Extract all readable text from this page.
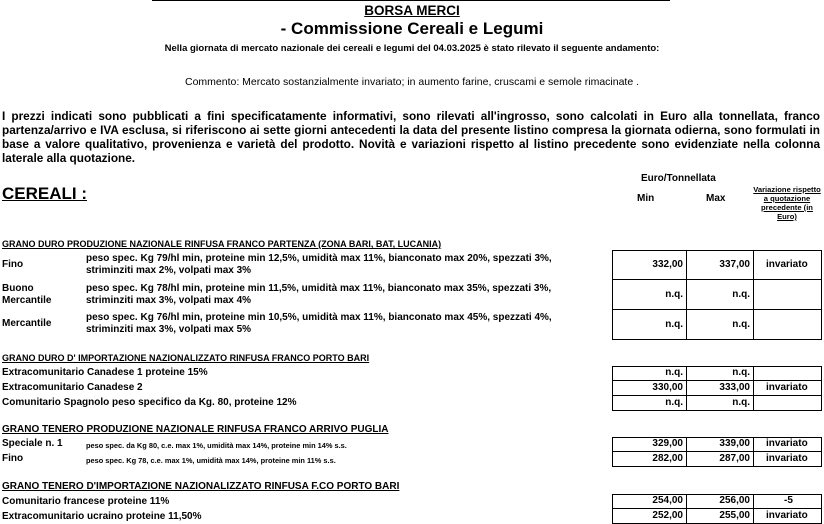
BORSA MERCI
- Commissione Cereali e Legumi
Nella giornata di mercato nazionale dei cereali e legumi del 04.03.2025 è stato rilevato il seguente andamento:
Commento: Mercato sostanzialmente invariato; in aumento farine, cruscami e semole rimacinate .
I prezzi indicati sono pubblicati a fini specificatamente informativi, sono rilevati all'ingrosso, sono calcolati in Euro alla tonnellata, franco partenza/arrivo e IVA esclusa, si riferiscono ai sette giorni antecedenti la data del presente listino compresa la giornata odierna, sono formulati in base a valore qualitativo, provenienza e varietà del prodotto. Novità e variazioni rispetto al listino precedente sono evidenziate nella colonna laterale alla quotazione.
CEREALI :
Euro/Tonnellata
Min	Max
Variazione rispetto a quotazione precedente (in Euro)
GRANO DURO PRODUZIONE NAZIONALE RINFUSA FRANCO PARTENZA (ZONA BARI, BAT, LUCANIA)
Fino
peso spec. Kg 79/hl min, proteine min 12,5%, umidità max 11%, bianconato max 20%, spezzati 3%, striminziti max 2%, volpati max 3%	332,00	337,00 invariato
Buono Mercantile
peso spec. Kg 78/hl min, proteine min 11,5%, umidità max 11%, bianconato max 35%, spezzati 3%, striminziti max 3%, volpati max 4%	n.q.	n.q.
Mercantile
peso spec. Kg 76/hl min, proteine min 10,5%, umidità max 11%, bianconato max 45%, spezzati 4%, striminziti max 3%, volpati max 5%	n.q.	n.q.
GRANO DURO D' IMPORTAZIONE NAZIONALIZZATO RINFUSA FRANCO PORTO BARI
Extracomunitario Canadese 1 proteine 15%	n.q.	n.q.
Extracomunitario Canadese 2	330,00	333,00 invariato
Comunitario Spagnolo peso specifico da Kg. 80, proteine 12%	n.q.	n.q.
GRANO TENERO PRODUZIONE NAZIONALE RINFUSA FRANCO ARRIVO PUGLIA
Speciale n. 1	peso spec. da Kg 80, c.e. max 1%, umidità max 14%, proteine min 14% s.s.	329,00	339,00 invariato
Fino	peso spec. Kg 78, c.e. max 1%, umidità max 14%, proteine min 11% s.s.	282,00	287,00 invariato
GRANO TENERO D'IMPORTAZIONE NAZIONALIZZATO RINFUSA F.CO PORTO BARI
Comunitario francese proteine 11%	254,00	256,00	-5
Extracomunitario ucraino proteine 11,50%	252,00	255,00 invariato
